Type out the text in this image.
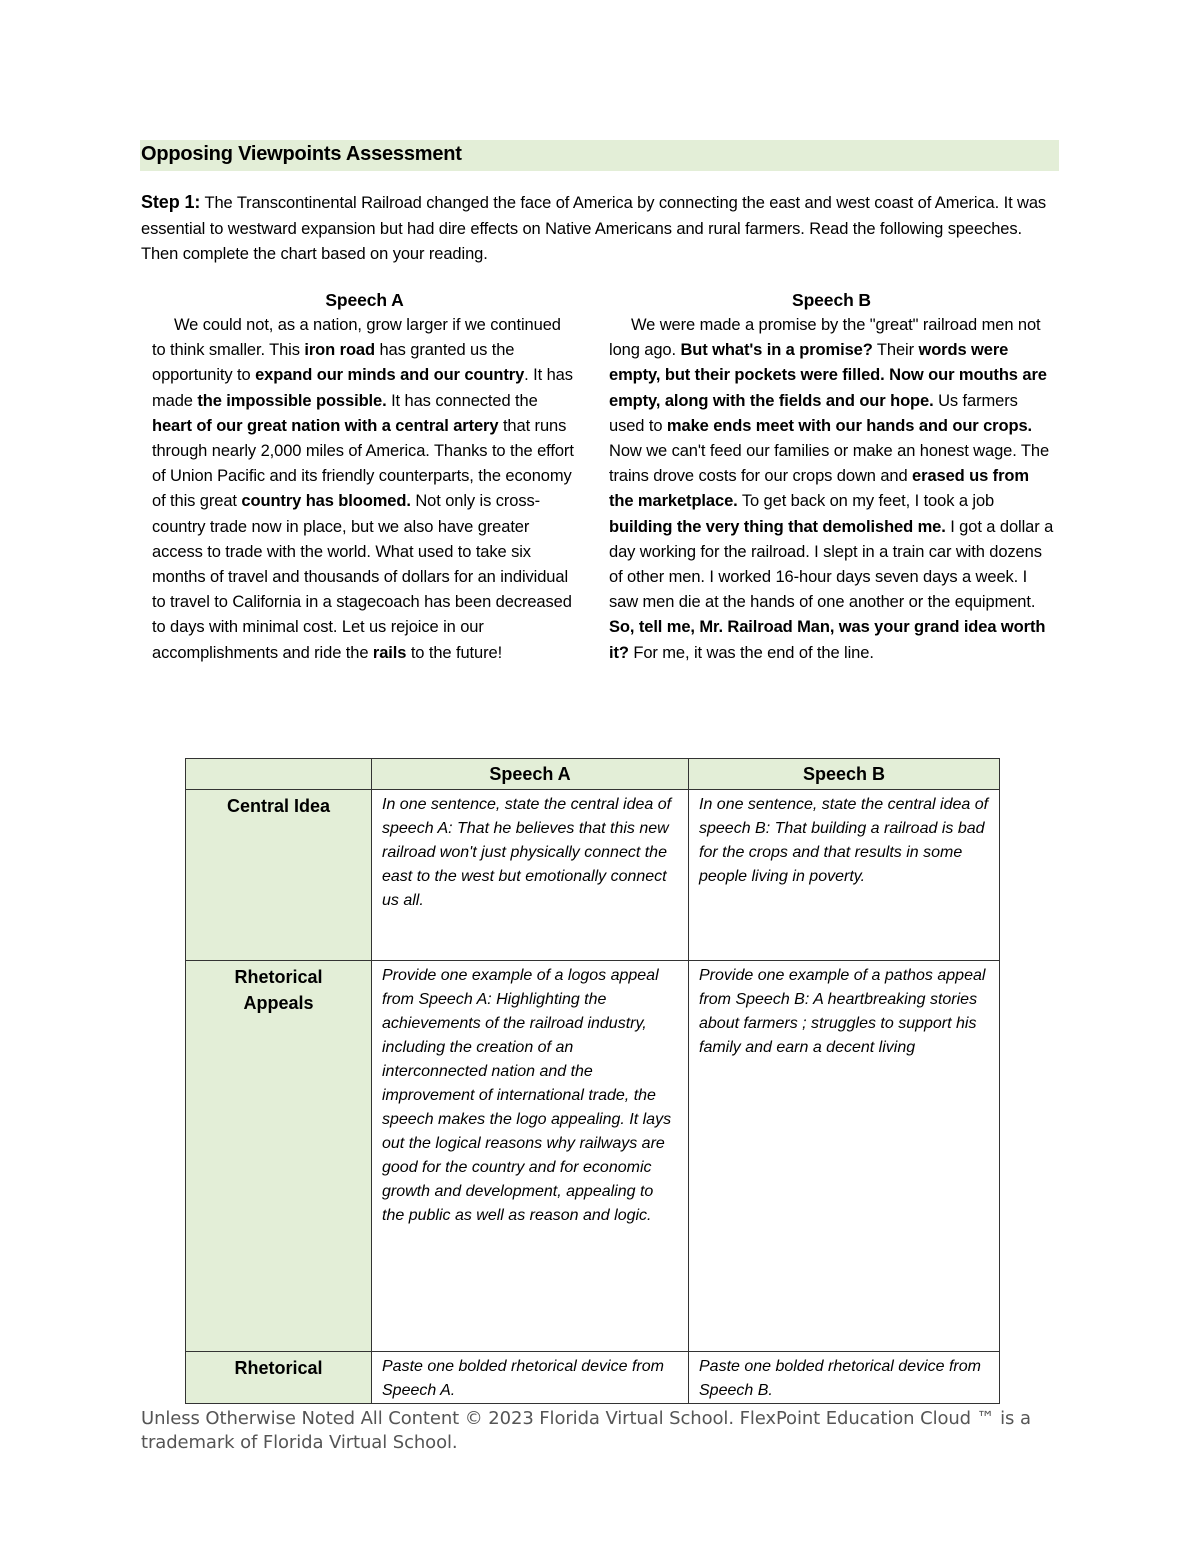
Opposing Viewpoints Assessment
Step 1: The Transcontinental Railroad changed the face of America by connecting the east and west coast of America. It was essential to westward expansion but had dire effects on Native Americans and rural farmers. Read the following speeches. Then complete the chart based on your reading.
Speech A

We could not, as a nation, grow larger if we continued to think smaller. This iron road has granted us the opportunity to expand our minds and our country. It has made the impossible possible. It has connected the heart of our great nation with a central artery that runs through nearly 2,000 miles of America. Thanks to the effort of Union Pacific and its friendly counterparts, the economy of this great country has bloomed. Not only is cross-country trade now in place, but we also have greater access to trade with the world. What used to take six months of travel and thousands of dollars for an individual to travel to California in a stagecoach has been decreased to days with minimal cost. Let us rejoice in our accomplishments and ride the rails to the future!

Speech B

We were made a promise by the "great" railroad men not long ago. But what's in a promise? Their words were empty, but their pockets were filled. Now our mouths are empty, along with the fields and our hope. Us farmers used to make ends meet with our hands and our crops. Now we can't feed our families or make an honest wage. The trains drove costs for our crops down and erased us from the marketplace. To get back on my feet, I took a job building the very thing that demolished me. I got a dollar a day working for the railroad. I slept in a train car with dozens of other men. I worked 16-hour days seven days a week. I saw men die at the hands of one another or the equipment. So, tell me, Mr. Railroad Man, was your grand idea worth it? For me, it was the end of the line.

	Speech A	Speech B
Central Idea	In one sentence, state the central idea of speech A: That he believes that this new railroad won't just physically connect the east to the west but emotionally connect us all.	In one sentence, state the central idea of speech B: That building a railroad is bad for the crops and that results in some people living in poverty.

Rhetorical Appeals	Provide one example of a logos appeal from Speech A: Highlighting the achievements of the railroad industry, including the creation of an interconnected nation and the improvement of international trade, the speech makes the logo appealing. It lays out the logical reasons why railways are good for the country and for economic growth and development, appealing to the public as well as reason and logic.	Provide one example of a pathos appeal from Speech B: A heartbreaking stories about farmers ; struggles to support his family and earn a decent living
Rhetorical	Paste one bolded rhetorical device from Speech A.	Paste one bolded rhetorical device from Speech B.
Unless Otherwise Noted All Content © 2023 Florida Virtual School. FlexPoint Education Cloud ™ is a trademark of Florida Virtual School.
